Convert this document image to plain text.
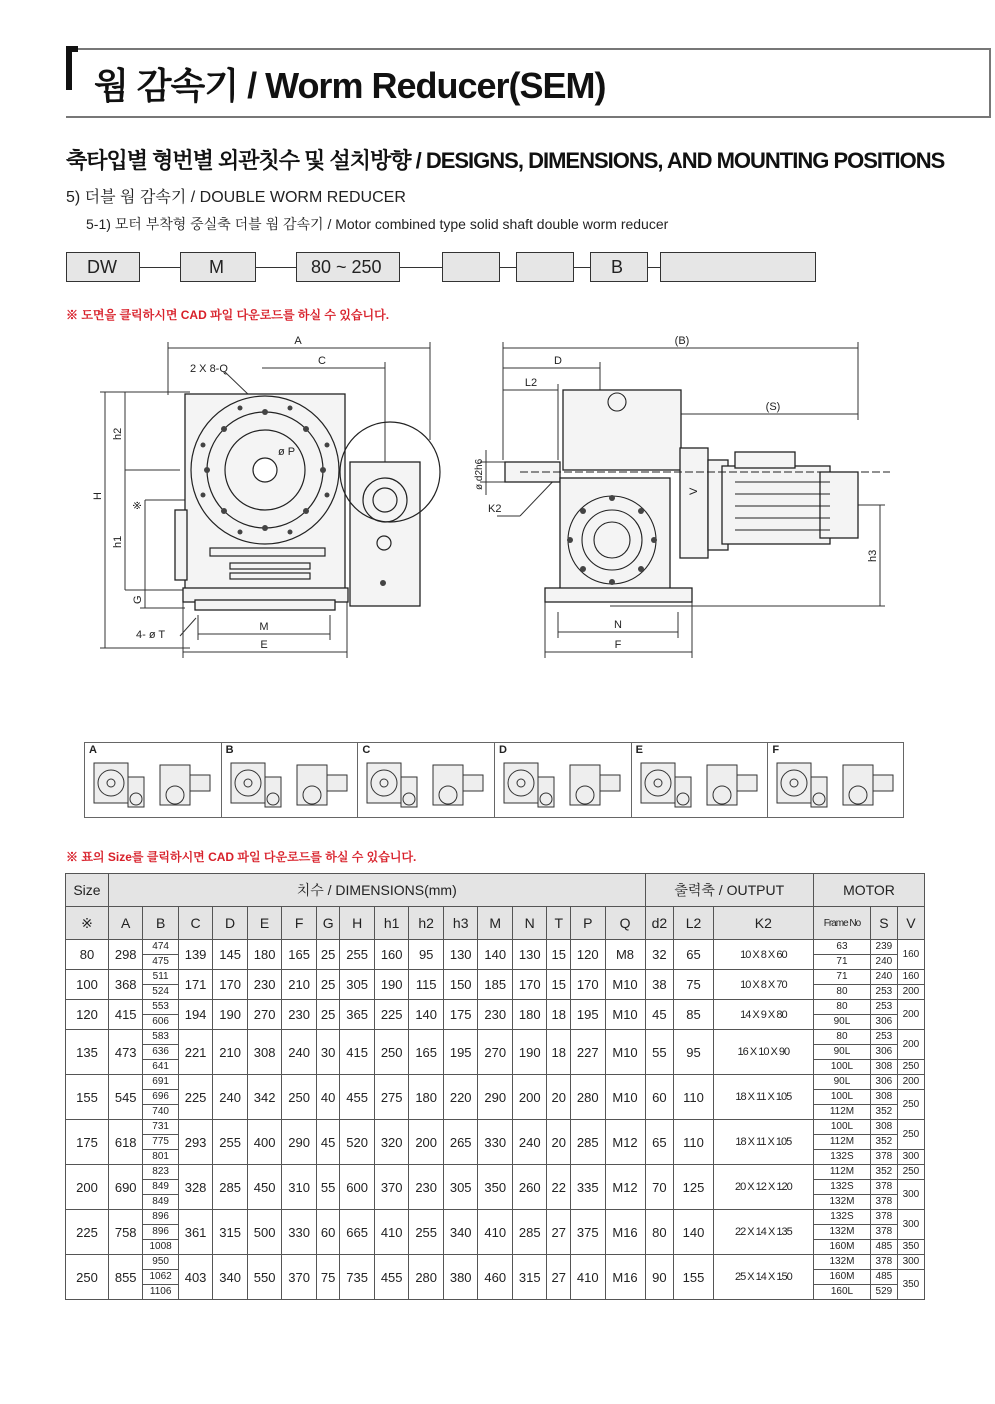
웜 감속기 / Worm Reducer(SEM)
축타입별 형번별 외관칫수 및 설치방향 / DESIGNS, DIMENSIONS, AND MOUNTING POSITIONS
5) 더블 웜 감속기 / DOUBLE WORM REDUCER
5-1) 모터 부착형 중실축 더블 웜 감속기 / Motor combined type solid shaft double worm reducer
DW	M	80 ~ 250	B
※ 도면을 클릭하시면 CAD 파일 다운로드를 하실 수 있습니다.
A
C
2 X 8-Q
ø P
h2
H
※
h1
G
4- ø T
M
E
(B)
D
L2
(S)
ø d2h6
K2
V
h3
N
F
A	B	C	D	E	F
※ 표의 Size를 클릭하시면 CAD 파일 다운로드를 하실 수 있습니다.
Size	치수 / DIMENSIONS(mm)																출력축 / OUTPUT			MOTOR		
※	A	B	C	D	E	F	G	H	h1	h2	h3	M	N	T	P	Q	d2	L2	K2	Frame No	S	V
80	298	474	139	145	180	165	25	255	160	95	130	140	130	15	120	M8	32	65	10 X 8 X 60	63	239	160
		475																		71	240	
100	368	511	171	170	230	210	25	305	190	115	150	185	170	15	170	M10	38	75	10 X 8 X 70	71	240	160
		524																		80	253	200
120	415	553	194	190	270	230	25	365	225	140	175	230	180	18	195	M10	45	85	14 X 9 X 80	80	253	200
		606																		90L	306	
135	473	583	221	210	308	240	30	415	250	165	195	270	190	18	227	M10	55	95	16 X 10 X 90	80	253	200
		636																		90L	306	
		641																		100L	308	250
155	545	691	225	240	342	250	40	455	275	180	220	290	200	20	280	M10	60	110	18 X 11 X 105	90L	306	200
		696																		100L	308	250
		740																		112M	352	
175	618	731	293	255	400	290	45	520	320	200	265	330	240	20	285	M12	65	110	18 X 11 X 105	100L	308	250
		775																		112M	352	
		801																		132S	378	300
200	690	823	328	285	450	310	55	600	370	230	305	350	260	22	335	M12	70	125	20 X 12 X 120	112M	352	250
		849																		132S	378	300
		849																		132M	378	
225	758	896	361	315	500	330	60	665	410	255	340	410	285	27	375	M16	80	140	22 X 14 X 135	132S	378	300
		896																		132M	378	
		1008																		160M	485	350
250	855	950	403	340	550	370	75	735	455	280	380	460	315	27	410	M16	90	155	25 X 14 X 150	132M	378	300
		1062																		160M	485	350
		1106																		160L	529	
